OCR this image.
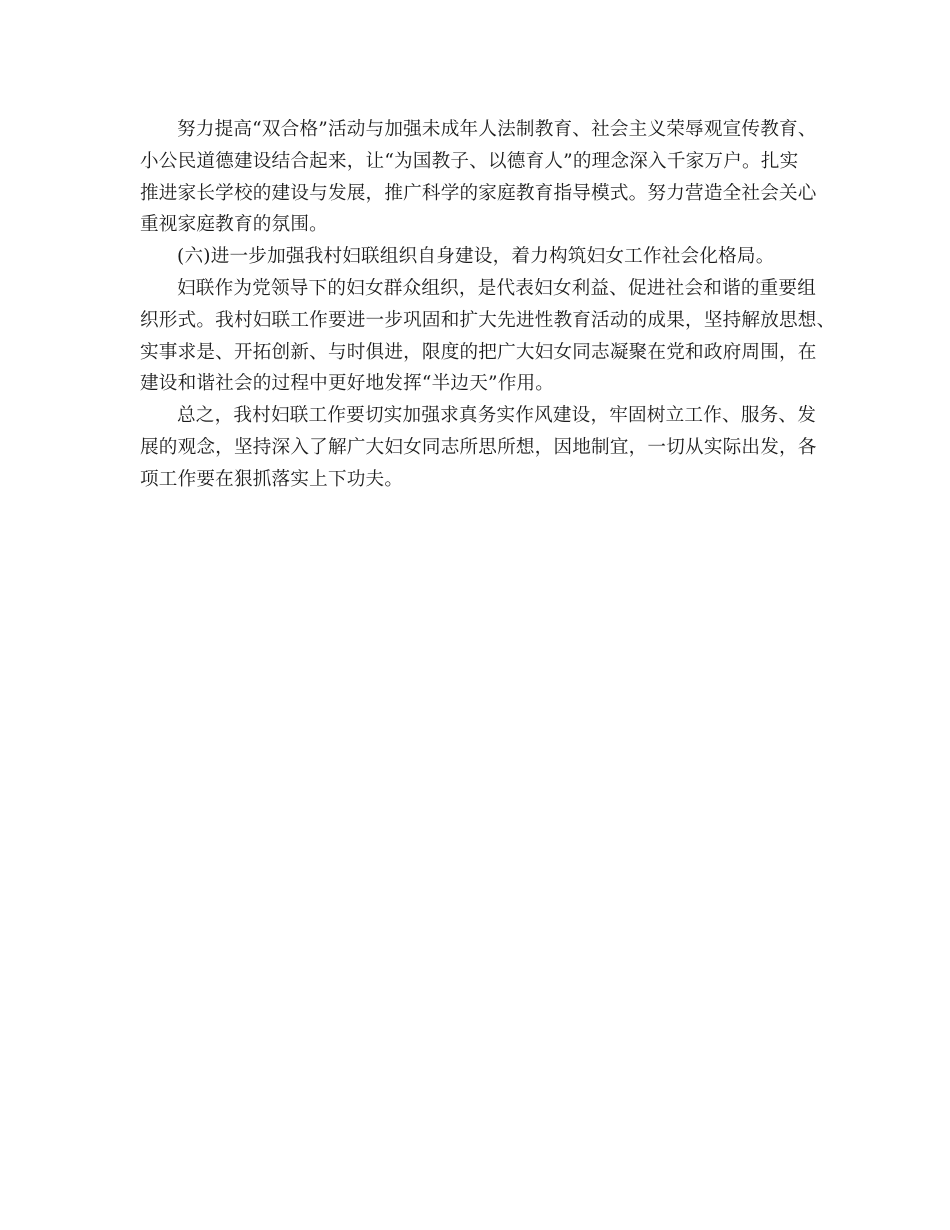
努力提高“双合格”活动与加强未成年人法制教育、社会主义荣辱观宣传教育、
小公民道德建设结合起来，让“为国教子、以德育人”的理念深入千家万户。扎实
推进家长学校的建设与发展，推广科学的家庭教育指导模式。努力营造全社会关心
重视家庭教育的氛围。
(六)进一步加强我村妇联组织自身建设，着力构筑妇女工作社会化格局。
妇联作为党领导下的妇女群众组织，是代表妇女利益、促进社会和谐的重要组
织形式。我村妇联工作要进一步巩固和扩大先进性教育活动的成果，坚持解放思想、
实事求是、开拓创新、与时俱进，限度的把广大妇女同志凝聚在党和政府周围，在
建设和谐社会的过程中更好地发挥“半边天”作用。
总之，我村妇联工作要切实加强求真务实作风建设，牢固树立工作、服务、发
展的观念，坚持深入了解广大妇女同志所思所想，因地制宜，一切从实际出发，各
项工作要在狠抓落实上下功夫。
